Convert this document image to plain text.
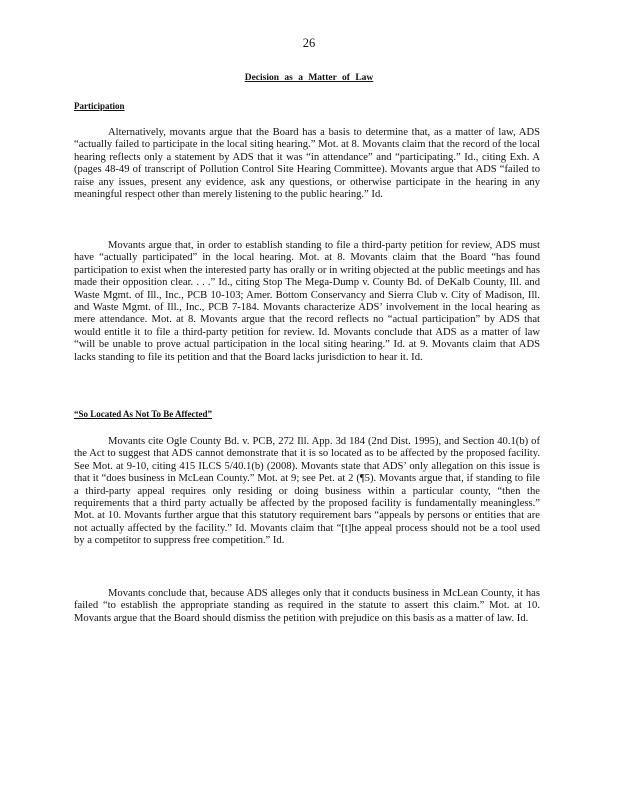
26
Decision as a Matter of Law
Participation

Alternatively, movants argue that the Board has a basis to determine that, as a matter of law, ADS “actually failed to participate in the local siting hearing.” Mot. at 8. Movants claim that the record of the local hearing reflects only a statement by ADS that it was “in attendance” and “participating.” Id., citing Exh. A (pages 48-49 of transcript of Pollution Control Site Hearing Committee). Movants argue that ADS “failed to raise any issues, present any evidence, ask any questions, or otherwise participate in the hearing in any meaningful respect other than merely listening to the public hearing.” Id.

Movants argue that, in order to establish standing to file a third-party petition for review, ADS must have “actually participated” in the local hearing. Mot. at 8. Movants claim that the Board “has found participation to exist when the interested party has orally or in writing objected at the public meetings and has made their opposition clear. . . .” Id., citing Stop The Mega-Dump v. County Bd. of DeKalb County, Ill. and Waste Mgmt. of Ill., Inc., PCB 10-103; Amer. Bottom Conservancy and Sierra Club v. City of Madison, Ill. and Waste Mgmt. of Ill., Inc., PCB 7-184. Movants characterize ADS’ involvement in the local hearing as mere attendance. Mot. at 8. Movants argue that the record reflects no “actual participation” by ADS that would entitle it to file a third-party petition for review. Id. Movants conclude that ADS as a matter of law “will be unable to prove actual participation in the local siting hearing.” Id. at 9. Movants claim that ADS lacks standing to file its petition and that the Board lacks jurisdiction to hear it. Id.

“So Located As Not To Be Affected”

Movants cite Ogle County Bd. v. PCB, 272 Ill. App. 3d 184 (2nd Dist. 1995), and Section 40.1(b) of the Act to suggest that ADS cannot demonstrate that it is so located as to be affected by the proposed facility. See Mot. at 9-10, citing 415 ILCS 5/40.1(b) (2008). Movants state that ADS’ only allegation on this issue is that it “does business in McLean County.” Mot. at 9; see Pet. at 2 (¶5). Movants argue that, if standing to file a third-party appeal requires only residing or doing business within a particular county, “then the requirements that a third party actually be affected by the proposed facility is fundamentally meaningless.” Mot. at 10. Movants further argue that this statutory requirement bars “appeals by persons or entities that are not actually affected by the facility.” Id. Movants claim that “[t]he appeal process should not be a tool used by a competitor to suppress free competition.” Id.

Movants conclude that, because ADS alleges only that it conducts business in McLean County, it has failed “to establish the appropriate standing as required in the statute to assert this claim.” Mot. at 10. Movants argue that the Board should dismiss the petition with prejudice on this basis as a matter of law. Id.
